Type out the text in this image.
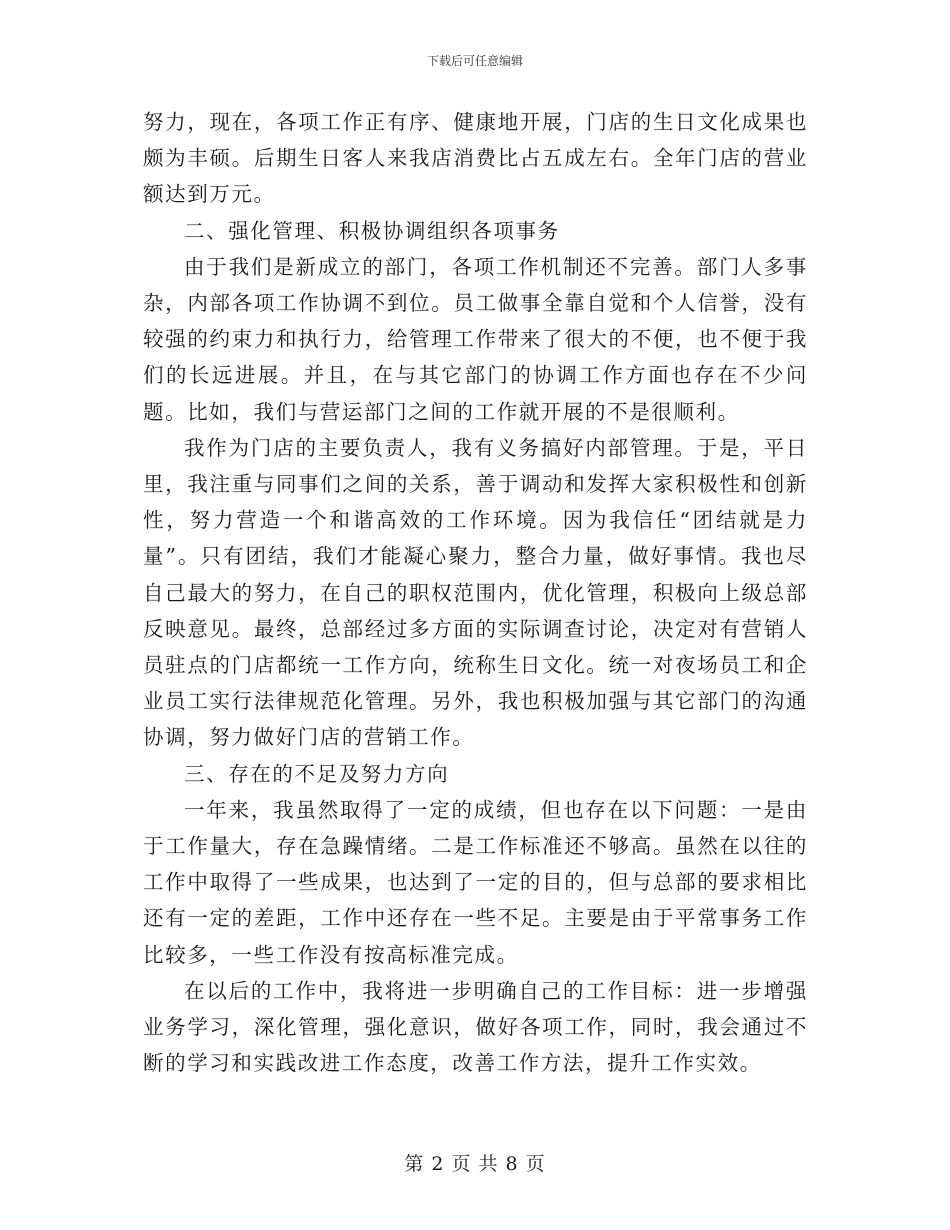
下载后可任意编辑

努力，现在，各项工作正有序、健康地开展，门店的生日文化成果也颇为丰硕。后期生日客人来我店消费比占五成左右。全年门店的营业额达到万元。

二、强化管理、积极协调组织各项事务

由于我们是新成立的部门，各项工作机制还不完善。部门人多事杂，内部各项工作协调不到位。员工做事全靠自觉和个人信誉，没有较强的约束力和执行力，给管理工作带来了很大的不便，也不便于我们的长远进展。并且，在与其它部门的协调工作方面也存在不少问题。比如，我们与营运部门之间的工作就开展的不是很顺利。

我作为门店的主要负责人，我有义务搞好内部管理。于是，平日里，我注重与同事们之间的关系，善于调动和发挥大家积极性和创新性，努力营造一个和谐高效的工作环境。因为我信任“团结就是力量”。只有团结，我们才能凝心聚力，整合力量，做好事情。我也尽自己最大的努力，在自己的职权范围内，优化管理，积极向上级总部反映意见。最终，总部经过多方面的实际调查讨论，决定对有营销人员驻点的门店都统一工作方向，统称生日文化。统一对夜场员工和企业员工实行法律规范化管理。另外，我也积极加强与其它部门的沟通协调，努力做好门店的营销工作。

三、存在的不足及努力方向

一年来，我虽然取得了一定的成绩，但也存在以下问题：一是由于工作量大，存在急躁情绪。二是工作标准还不够高。虽然在以往的工作中取得了一些成果，也达到了一定的目的，但与总部的要求相比还有一定的差距，工作中还存在一些不足。主要是由于平常事务工作比较多，一些工作没有按高标准完成。

在以后的工作中，我将进一步明确自己的工作目标：进一步增强业务学习，深化管理，强化意识，做好各项工作，同时，我会通过不断的学习和实践改进工作态度，改善工作方法，提升工作实效。

第 2 页 共 8 页
